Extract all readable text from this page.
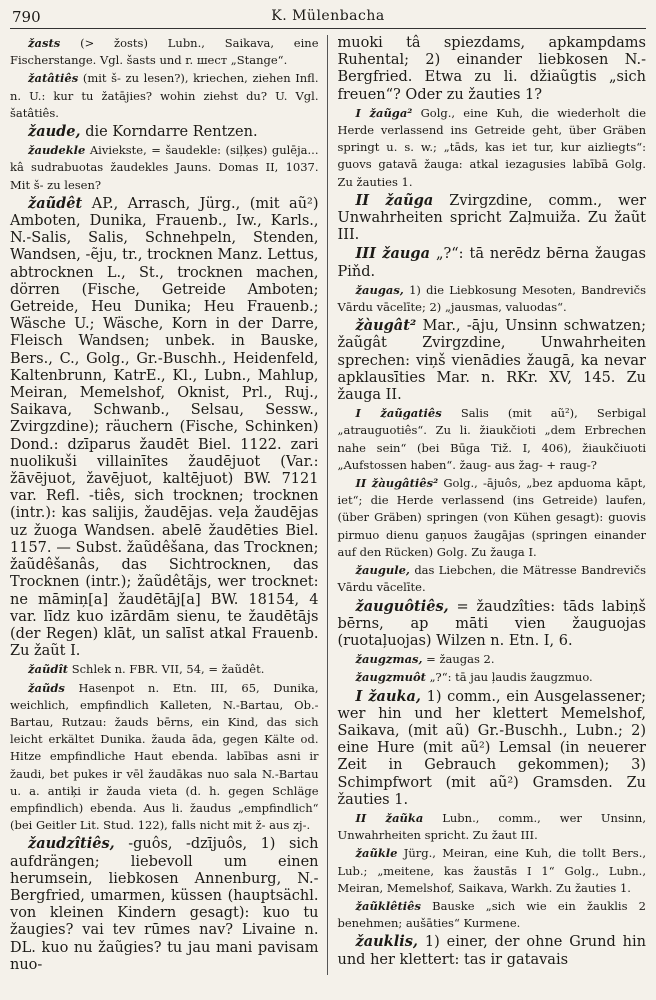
790	K. Mülenbacha

žasts (> žosts) Lubn., Saikava, eine Fischerstange. Vgl. šasts und r. шест „Stange“.

žatâtiês (mit š- zu lesen?), kriechen, ziehen Infl. n. U.: kur tu žatājies? wohin ziehst du? U. Vgl. šatâtiês.

žaude, die Korndarre Rentzen.

žaudekle Aiviekste, = šaudekle: (siļķes) gulēja... kâ sudrabuotas žaudekles Jauns. Domas II, 1037. Mit š- zu lesen?

žaũdêt AP., Arrasch, Jürg., (mit aũ²) Amboten, Dunika, Frauenb., Iw., Karls., N.-Salis, Salis, Schnehpeln, Stenden, Wandsen, -ẽju, tr., trocknen Manz. Lettus, abtrocknen L., St., trocknen machen, dörren (Fische, Getreide Amboten; Getreide, Heu Dunika; Heu Frauenb.; Wäsche U.; Wäsche, Korn in der Darre, Fleisch Wandsen; unbek. in Bauske, Bers., C., Golg., Gr.-Buschh., Heidenfeld, Kaltenbrunn, KatrE., Kl., Lubn., Mahlup, Meiran, Memelshof, Oknist, Prl., Ruj., Saikava, Schwanb., Selsau, Sessw., Zvirgzdine); räuchern (Fische, Schinken) Dond.: dzīparus žaudēt Biel. 1122. zari nuolikuši villainītes žaudējuot (Var.: žāvējuot, žavējuot, kaltējuot) BW. 7121 var. Refl. -tiês, sich trocknen; trocknen (intr.): kas salijis, žaudējas. veļa žaudējas uz žuoga Wandsen. abelē žaudēties Biel. 1157. — Subst. žaũdêšana, das Trocknen; žaũdêšanâs, das Sichtrocknen, das Trocknen (intr.); žaũdêtãjs, wer trocknet: ne māmiņ[a] žaudētāj[a] BW. 18154, 4 var. līdz kuo izārdām sienu, te žaudētājs (der Regen) klāt, un salīst atkal Frauenb. Zu žaũt I.

žaũdît Schlek n. FBR. VII, 54, = žaũdêt.

žaũds Hasenpot n. Etn. III, 65, Dunika, weichlich, empfindlich Kalleten, N.-Bartau, Ob.-Bartau, Rutzau: žauds bērns, ein Kind, das sich leicht erkältet Dunika. žauda āda, gegen Kälte od. Hitze empfindliche Haut ebenda. labības asni ir žaudi, bet pukes ir vēl žaudākas nuo sala N.-Bartau u. a. antiķi ir žauda vieta (d. h. gegen Schläge empfindlich) ebenda. Aus li. žaudus „empfindlich“ (bei Geitler Lit. Stud. 122), falls nicht mit ž- aus zj-.

žaudzîtiês, -guôs, -dzījuôs, 1) sich aufdrängen; liebevoll um einen herumsein, liebkosen Annenburg, N.-Bergfried, umarmen, küssen (hauptsächl. von kleinen Kindern gesagt): kuo tu žaugies? vai tev rūmes nav? Livaine n. DL. kuo nu žaũgies? tu jau mani pavisam nuo-

muoki tâ spiezdams, apkampdams Ruhental; 2) einander liebkosen N.-Bergfried. Etwa zu li. džiaũgtis „sich freuen“? Oder zu žauties 1?

I žaũga² Golg., eine Kuh, die wiederholt die Herde verlassend ins Getreide geht, über Gräben springt u. s. w.; „tāds, kas iet tur, kur aizliegts“: guovs gatavā žauga: atkal iezagusies labībā Golg. Zu žauties 1.

II žaũga Zvirgzdine, comm., wer Unwahrheiten spricht Zaļmuiža. Zu žaũt III.

III žauga „?“: tā nerēdz bērna žaugas Piňd.

žaugas, 1) die Liebkosung Mesoten, Bandrevičs Vārdu vācelīte; 2) „jausmas, valuodas“.

žàugât² Mar., -āju, Unsinn schwatzen; žaũgât Zvirgzdine, Unwahrheiten sprechen: viņš vienādies žaugā, ka nevar apklausīties Mar. n. RKr. XV, 145. Zu žauga II.

I žaũgatiês Salis (mit aũ²), Serbigal „atrauguotiês“. Zu li. žiaukčioti „dem Erbrechen nahe sein“ (bei Būga Tiž. I, 406), žiaukčiuoti „Aufstossen haben“. žaug- aus žag- + raug-?

II žàugâtiês² Golg., -ājuôs, „bez apduoma kāpt, iet“; die Herde verlassend (ins Getreide) laufen, (über Gräben) springen (von Kühen gesagt): guovis pirmuo dienu gaņuos žaugājas (springen einander auf den Rücken) Golg. Zu žauga I.

žaugule, das Liebchen, die Mätresse Bandrevičs Vārdu vācelīte.

žauguôtiês, = žaudzîties: tāds labiņš bērns, ap māti vien žauguojas (ruotaļuojas) Wilzen n. Etn. I, 6.

žaugzmas, = žaugas 2.

žaugzmuôt „?“: tā jau ļaudis žaugzmuo.

I žauka, 1) comm., ein Ausgelassener; wer hin und her klettert Memelshof, Saikava, (mit aũ) Gr.-Buschh., Lubn.; 2) eine Hure (mit aũ²) Lemsal (in neuerer Zeit in Gebrauch gekommen); 3) Schimpfwort (mit aũ²) Gramsden. Zu žauties 1.

II žaũka Lubn., comm., wer Unsinn, Unwahrheiten spricht. Zu žaut III.

žaũkle Jürg., Meiran, eine Kuh, die tollt Bers., Lub.; „meitene, kas žaustās I 1“ Golg., Lubn., Meiran, Memelshof, Saikava, Warkh. Zu žauties 1.

žaũklêtiês Bauske „sich wie ein žauklis 2 benehmen; aušāties“ Kurmene.

žauklis, 1) einer, der ohne Grund hin und her klettert: tas ir gatavais
